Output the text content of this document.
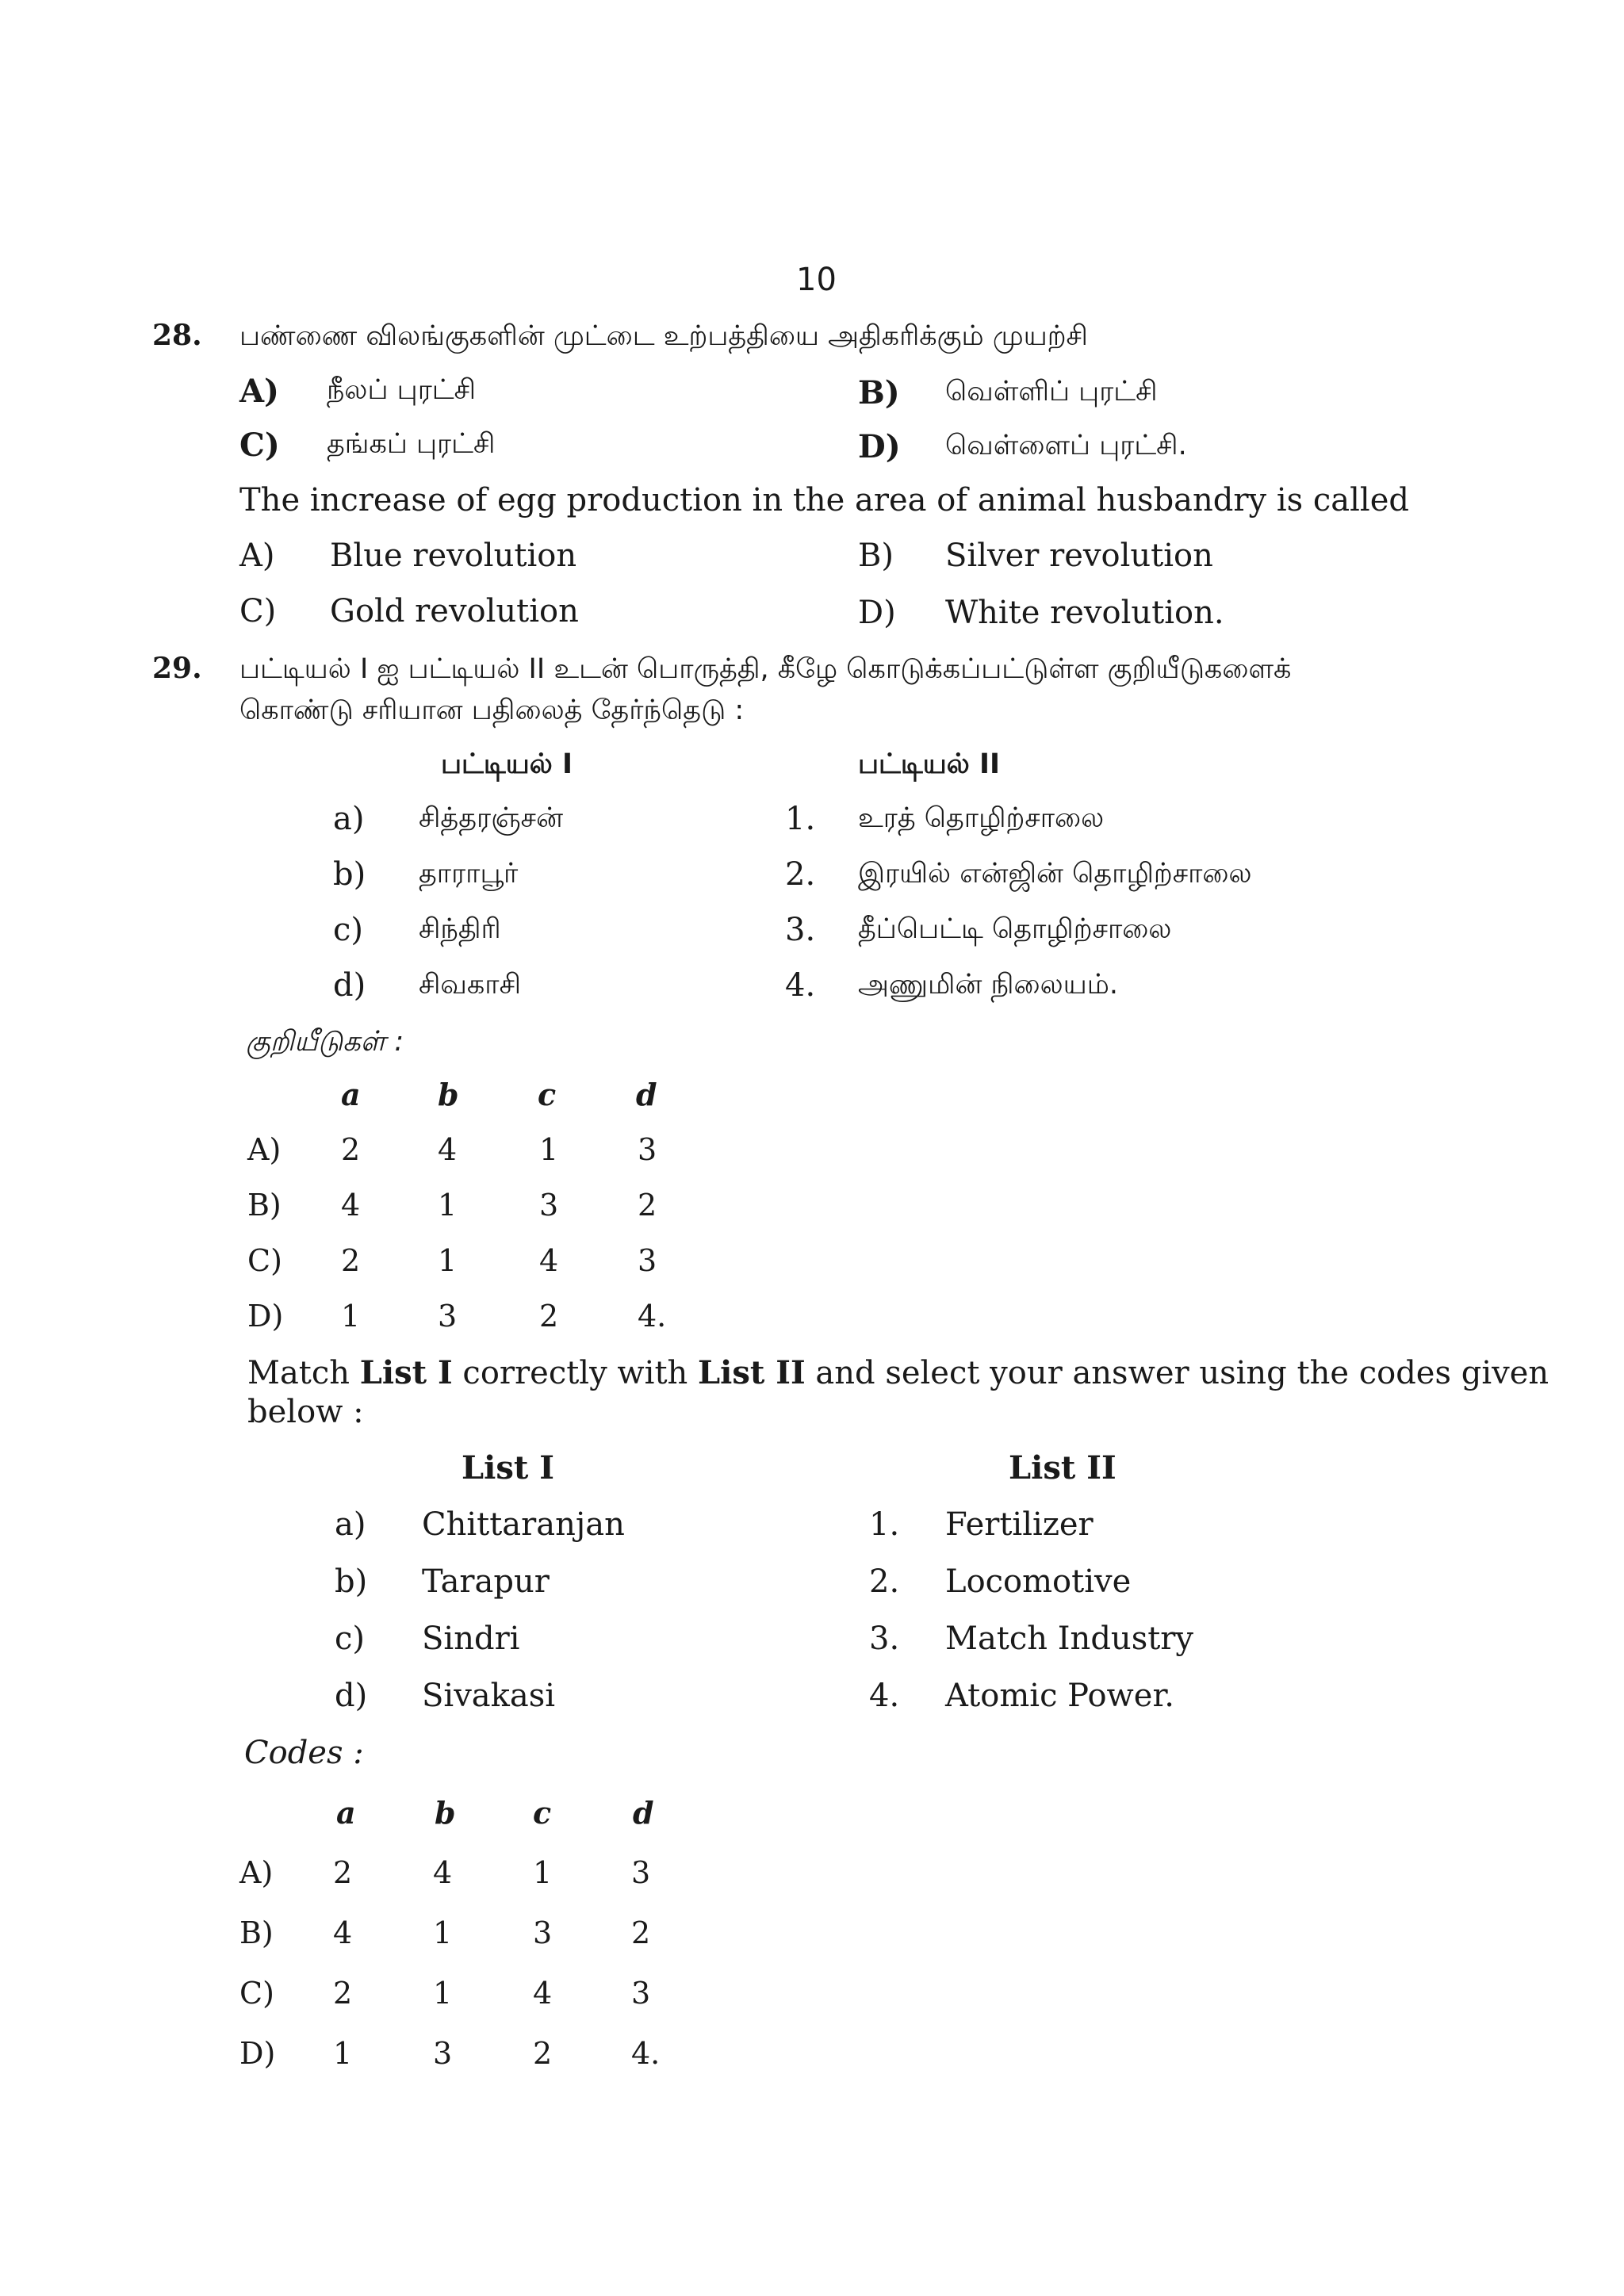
10
28. பண்ணை விலங்குகளின் முட்டை உற்பத்தியை அதிகரிக்கும் முயற்சி
A) நீலப் புரட்சி	B) வெள்ளிப் புரட்சி
C) தங்கப் புரட்சி	D) வெள்ளைப் புரட்சி.
The increase of egg production in the area of animal husbandry is called
A) Blue revolution	B) Silver revolution
C) Gold revolution	D) White revolution.
29. பட்டியல் I ஐ பட்டியல் II உடன் பொருத்தி, கீழே கொடுக்கப்பட்டுள்ள குறியீடுகளைக்
கொண்டு சரியான பதிலைத் தேர்ந்தெடு :
பட்டியல் I	பட்டியல் II
a) சித்தரஞ்சன்	1. உரத் தொழிற்சாலை
b) தாராபூர்	2. இரயில் என்ஜின் தொழிற்சாலை
c) சிந்திரி	3. தீப்பெட்டி தொழிற்சாலை
d) சிவகாசி	4. அணுமின் நிலையம்.
குறியீடுகள் :
a	b	c	d
A) 2	4	1	3
B) 4	1	3	2
C) 2	1	4	3
D) 1	3	2	4.
Match List I correctly with List II and select your answer using the codes given
below :
List I	List II
a) Chittaranjan	1. Fertilizer
b) Tarapur	2. Locomotive
c) Sindri	3. Match Industry
d) Sivakasi	4. Atomic Power.
Codes :
a	b	c	d
A) 2	4	1	3
B) 4	1	3	2
C) 2	1	4	3
D) 1	3	2	4.
